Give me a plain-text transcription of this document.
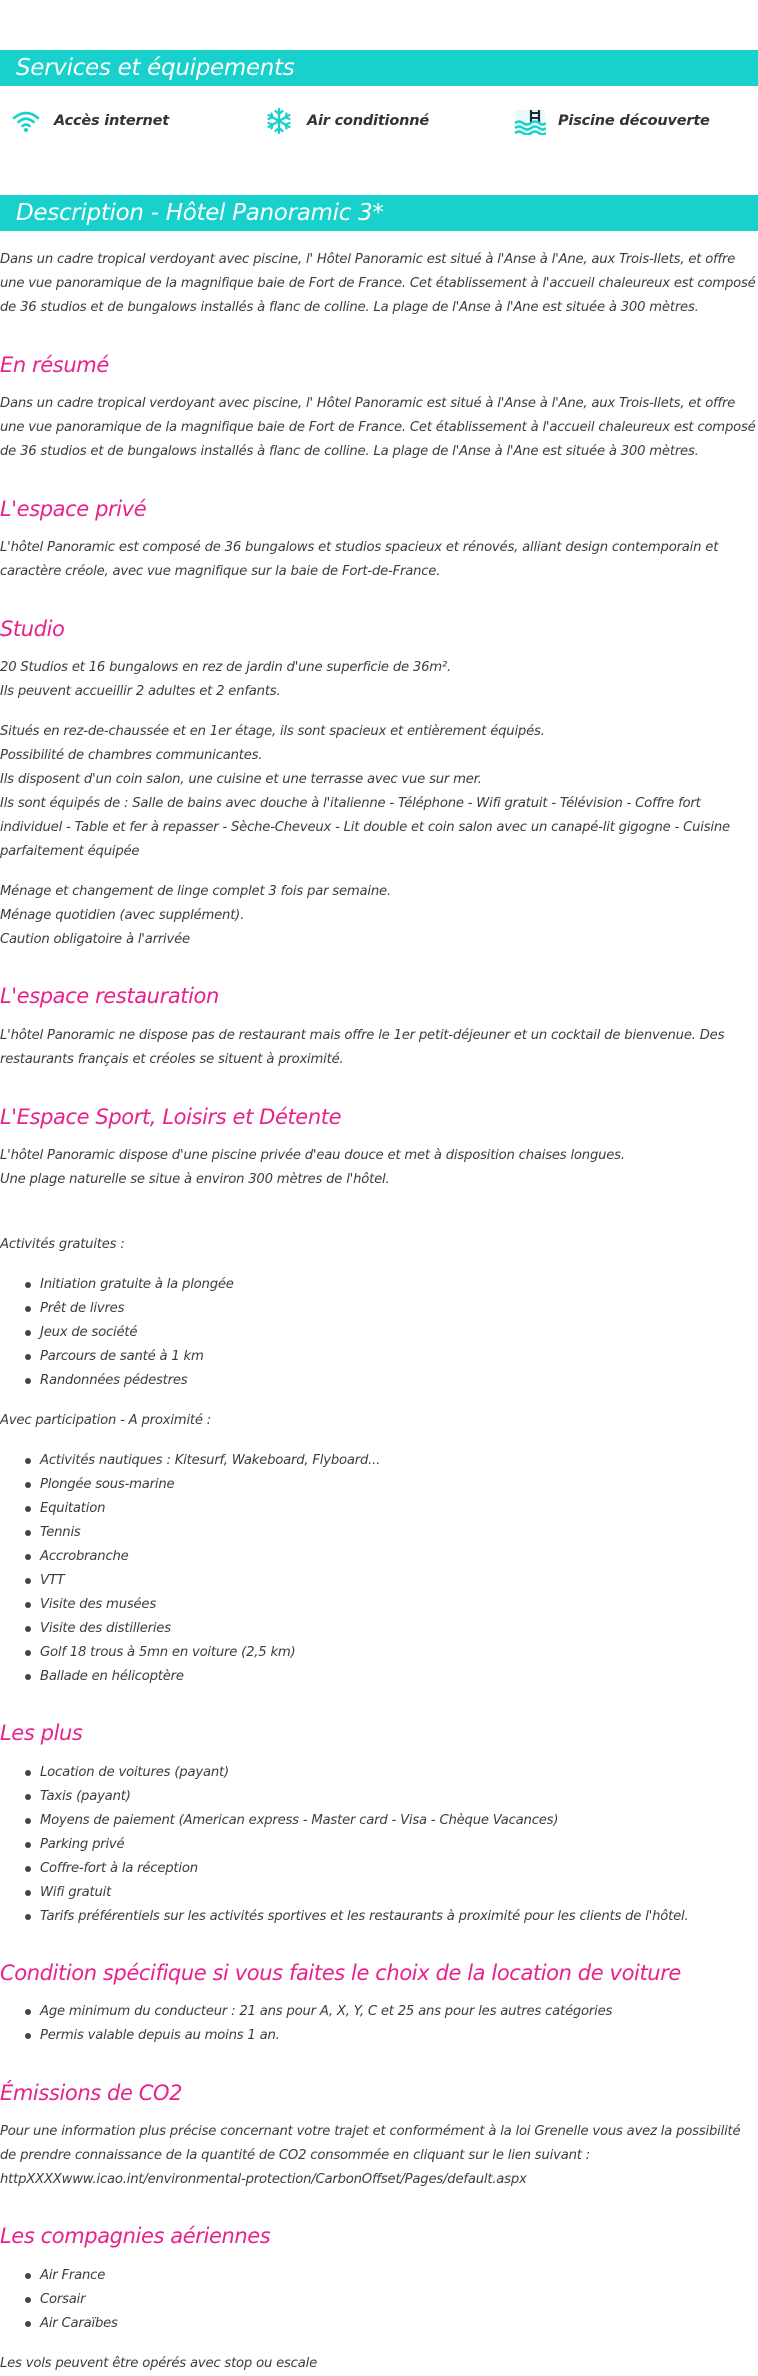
Services et équipements
Accès internet	Air conditionné	Piscine découverte
Description - Hôtel Panoramic 3*
Dans un cadre tropical verdoyant avec piscine, l' Hôtel Panoramic est situé à l'Anse à l'Ane, aux Trois-Ilets, et offre une vue panoramique de la magnifique baie de Fort de France. Cet établissement à l'accueil chaleureux est composé de 36 studios et de bungalows installés à flanc de colline. La plage de l'Anse à l'Ane est située à 300 mètres.
En résumé
Dans un cadre tropical verdoyant avec piscine, l' Hôtel Panoramic est situé à l'Anse à l'Ane, aux Trois-Ilets, et offre une vue panoramique de la magnifique baie de Fort de France. Cet établissement à l'accueil chaleureux est composé de 36 studios et de bungalows installés à flanc de colline. La plage de l'Anse à l'Ane est située à 300 mètres.
L'espace privé
L'hôtel Panoramic est composé de 36 bungalows et studios spacieux et rénovés, alliant design contemporain et caractère créole, avec vue magnifique sur la baie de Fort-de-France.
Studio
20 Studios et 16 bungalows en rez de jardin d'une superficie de 36m².
Ils peuvent accueillir 2 adultes et 2 enfants.
Situés en rez-de-chaussée et en 1er étage, ils sont spacieux et entièrement équipés.
Possibilité de chambres communicantes.
Ils disposent d'un coin salon, une cuisine et une terrasse avec vue sur mer.
Ils sont équipés de : Salle de bains avec douche à l'italienne - Téléphone - Wifi gratuit - Télévision - Coffre fort individuel - Table et fer à repasser - Sèche-Cheveux - Lit double et coin salon avec un canapé-lit gigogne - Cuisine parfaitement équipée
Ménage et changement de linge complet 3 fois par semaine.
Ménage quotidien (avec supplément).
Caution obligatoire à l'arrivée
L'espace restauration
L'hôtel Panoramic ne dispose pas de restaurant mais offre le 1er petit-déjeuner et un cocktail de bienvenue. Des restaurants français et créoles se situent à proximité.
L'Espace Sport, Loisirs et Détente
L'hôtel Panoramic dispose d'une piscine privée d'eau douce et met à disposition chaises longues.
Une plage naturelle se situe à environ 300 mètres de l'hôtel.
Activités gratuites :
Initiation gratuite à la plongée
Prêt de livres
Jeux de société
Parcours de santé à 1 km
Randonnées pédestres
Avec participation - A proximité :
Activités nautiques : Kitesurf, Wakeboard, Flyboard...
Plongée sous-marine
Equitation
Tennis
Accrobranche
VTT
Visite des musées
Visite des distilleries
Golf 18 trous à 5mn en voiture (2,5 km)
Ballade en hélicoptère
Les plus
Location de voitures (payant)
Taxis (payant)
Moyens de paiement (American express - Master card - Visa - Chèque Vacances)
Parking privé
Coffre-fort à la réception
Wifi gratuit
Tarifs préférentiels sur les activités sportives et les restaurants à proximité pour les clients de l'hôtel.
Condition spécifique si vous faites le choix de la location de voiture
Age minimum du conducteur : 21 ans pour A, X, Y, C et 25 ans pour les autres catégories
Permis valable depuis au moins 1 an.
Émissions de CO2
Pour une information plus précise concernant votre trajet et conformément à la loi Grenelle vous avez la possibilité de prendre connaissance de la quantité de CO2 consommée en cliquant sur le lien suivant :
httpXXXXwww.icao.int/environmental-protection/CarbonOffset/Pages/default.aspx
Les compagnies aériennes
Air France
Corsair
Air Caraïbes
Les vols peuvent être opérés avec stop ou escale
